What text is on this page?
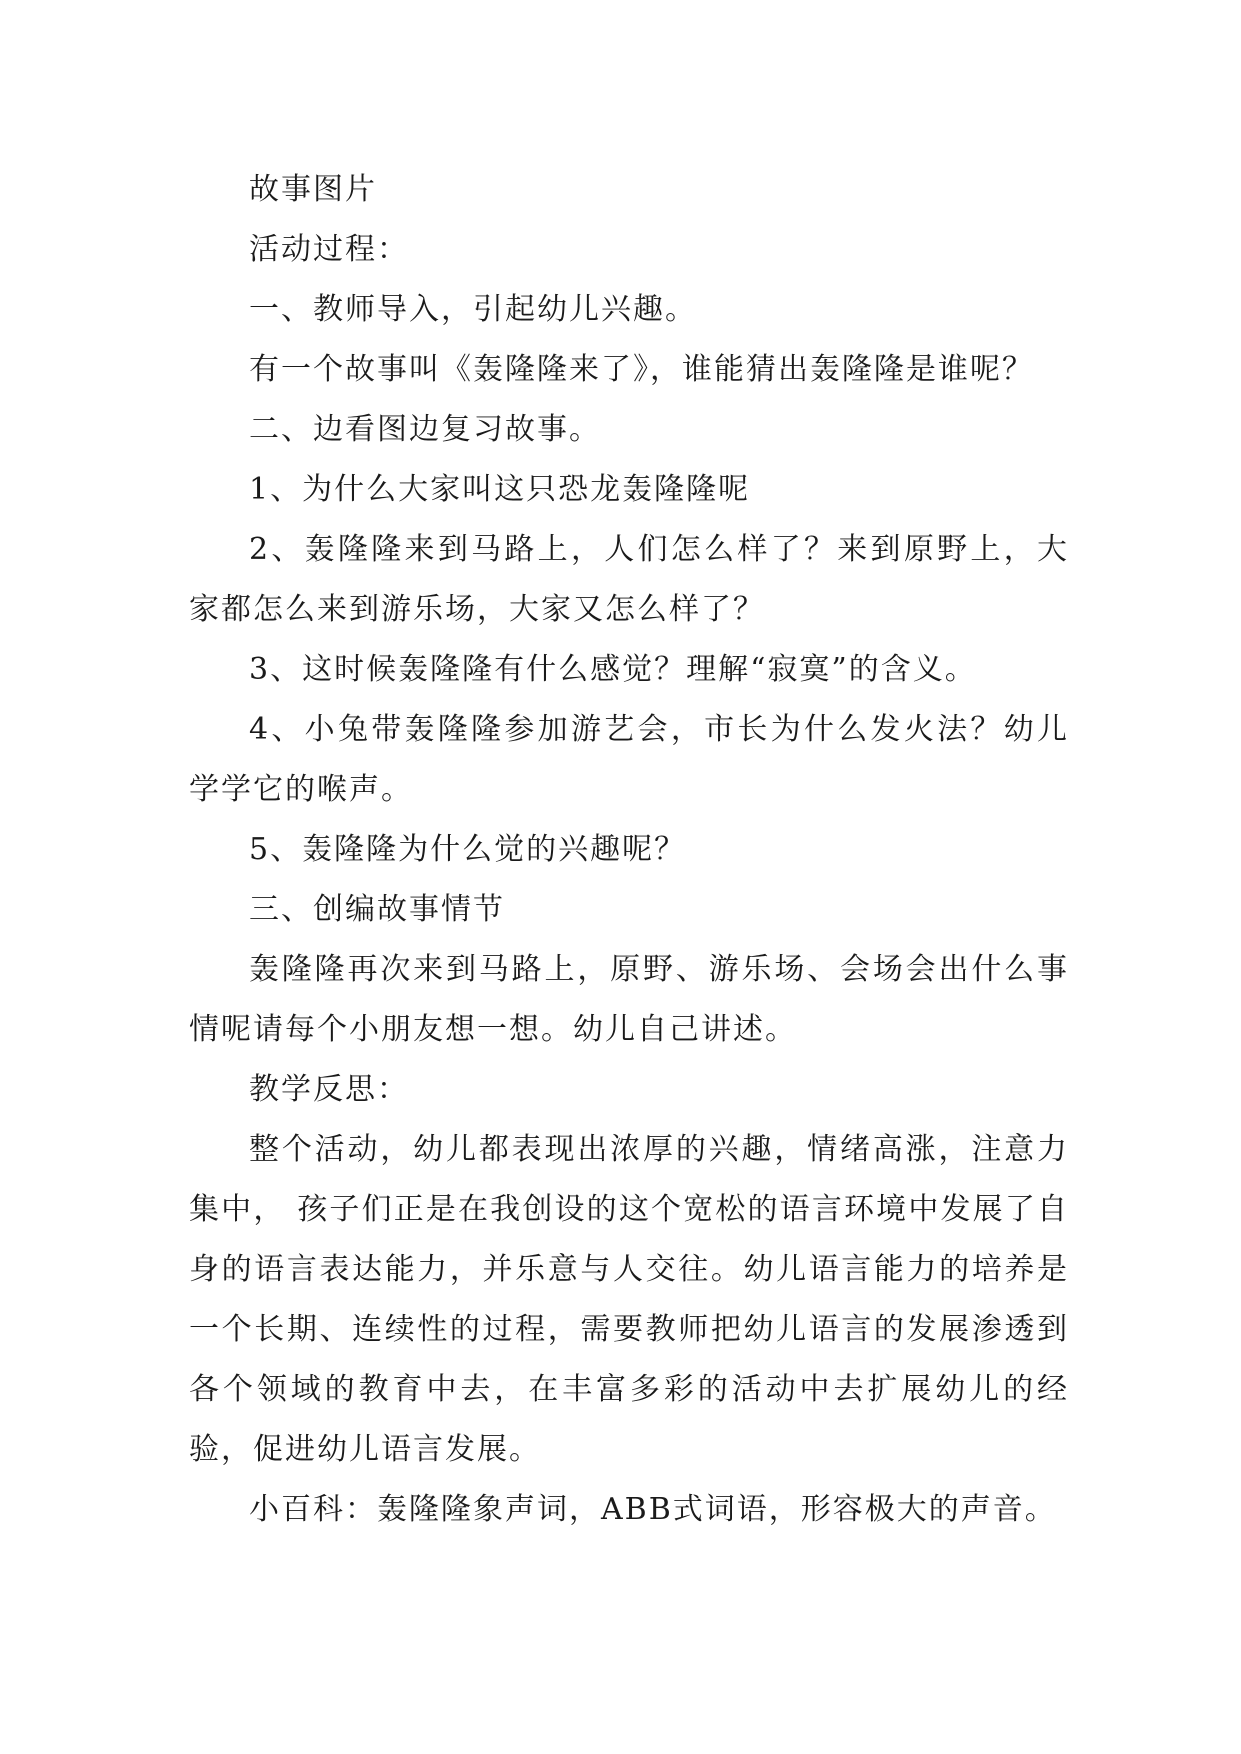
故事图片

活动过程：

一、教师导入，引起幼儿兴趣。

有一个故事叫《轰隆隆来了》，谁能猜出轰隆隆是谁呢？

二、边看图边复习故事。

1、为什么大家叫这只恐龙轰隆隆呢

2、轰隆隆来到马路上，人们怎么样了？来到原野上，大家都怎么来到游乐场，大家又怎么样了？

3、这时候轰隆隆有什么感觉？理解“寂寞”的含义。

4、小兔带轰隆隆参加游艺会，市长为什么发火法？幼儿学学它的喉声。

5、轰隆隆为什么觉的兴趣呢？

三、创编故事情节

轰隆隆再次来到马路上，原野、游乐场、会场会出什么事情呢请每个小朋友想一想。幼儿自己讲述。

教学反思：

整个活动，幼儿都表现出浓厚的兴趣，情绪高涨，注意力集中， 孩子们正是在我创设的这个宽松的语言环境中发展了自身的语言表达能力，并乐意与人交往。幼儿语言能力的培养是一个长期、连续性的过程，需要教师把幼儿语言的发展渗透到各个领域的教育中去，在丰富多彩的活动中去扩展幼儿的经验，促进幼儿语言发展。

小百科：轰隆隆象声词，ABB式词语，形容极大的声音。
